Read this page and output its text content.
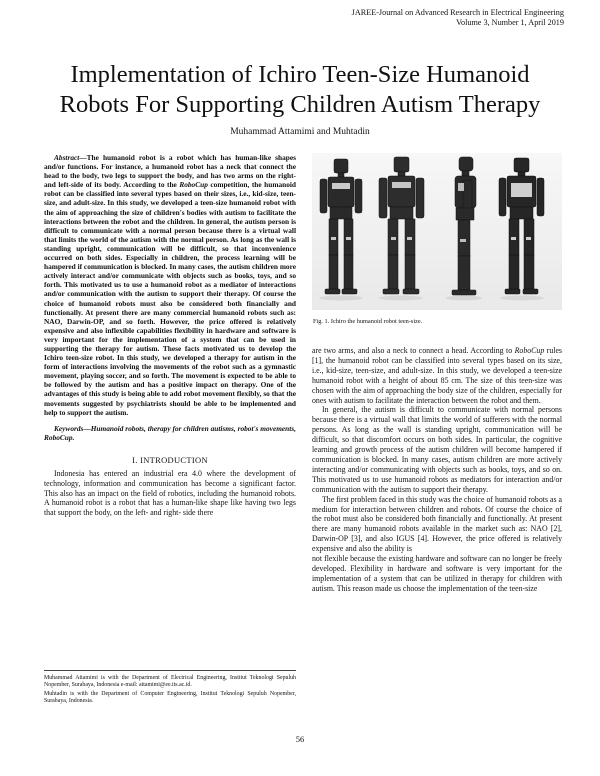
JAREE-Journal on Advanced Research in Electrical Engineering
Volume 3, Number 1, April 2019
Implementation of Ichiro Teen-Size Humanoid Robots For Supporting Children Autism Therapy
Muhammad Attamimi and Muhtadin

Abstract—The humanoid robot is a robot which has human-like shapes and/or functions. For instance, a humanoid robot has a neck that connect the head to the body, two legs to support the body, and has two arms on the right- and left-side of its body. According to the RoboCup competition, the humanoid robot can be classified into several types based on their sizes, i.e., kid-size, teen-size, and adult-size. In this study, we developed a teen-size humanoid robot with the aim of approaching the size of children's bodies with autism to facilitate the interactions between the robot and the children. In general, the autism person is difficult to communicate with a normal person because there is a virtual wall that limits the world of the autism with the normal person. As long as the wall is standing upright, communication will be difficult, so that inconvenience occurred on both sides. Especially in children, the process learning will be hampered if communication is blocked. In many cases, the autism children more actively interact and/or communicate with objects such as books, toys, and so forth. This motivated us to use a humanoid robot as a mediator of interactions and/or communication with the autism to support their therapy. Of course the choice of humanoid robots must also be considered both financially and functionally. At present there are many commercial humanoid robots such as: NAO, Darwin-OP, and so forth. However, the price offered is relatively expensive and also inflexible capabilities flexibility in hardware and software is very important for the implementation of a system that can be used in supporting the therapy for autism. These facts motivated us to develop the Ichiro teen-size robot. In this study, we developed a therapy for autism in the form of interactions involving the movements of the robot such as a gymnastic movement, playing soccer, and so forth. The movement is expected to be able to be followed by the autism and has a positive impact on therapy. One of the advantages of this study is being able to add robot movement flexibly, so that the movements suggested by psychiatrists should be able to be implemented and help to support the autism.

Keywords—Humanoid robots, therapy for children autisms, robot's movements, RoboCup.

I. INTRODUCTION

Indonesia has entered an industrial era 4.0 where the development of technology, information and communication has become a significant factor. This also has an impact on the field of robotics, including the humanoid robots. A humanoid robot is a robot that has a human-like shape like having two legs that support the body, on the left- and right- side there

Muhammad Attamimi is with the Department of Electrical Engineering, Institut Teknologi Sepuluh Nopember, Surabaya, Indonesia e-mail: attamimi@ee.its.ac.id.

Muhtadin is with the Department of Computer Engineering, Institut Teknologi Sepuluh Nopember, Surabaya, Indonesia.

Fig. 1. Ichiro the humanoid robot teen-size.

are two arms, and also a neck to connect a head. According to RoboCup rules [1], the humanoid robot can be classified into several types based on its size, i.e., kid-size, teen-size, and adult-size. In this study, we developed a teen-size humanoid robot with a height of about 85 cm. The size of this teen-size was chosen with the aim of approaching the body size of the children, especially for ones with autism to facilitate the interaction between the robot and them.

In general, the autism is difficult to communicate with normal persons because there is a virtual wall that limits the world of sufferers with the normal persons. As long as the wall is standing upright, communication will be difficult, so that discomfort occurs on both sides. In particular, the cognitive learning and growth process of the autism children will become hampered if communication is blocked. In many cases, autism children are more actively interacting and/or communicating with objects such as books, toys, and so on. This motivated us to use humanoid robots as mediators for interaction and/or communication with the autism to support their therapy.

The first problem faced in this study was the choice of humanoid robots as a medium for interaction between children and robots. Of course the choice of the robot must also be considered both financially and functionally. At present there are many humanoid robots available in the market such as: NAO [2], Darwin-OP [3], and also IGUS [4]. However, the price offered is relatively expensive and also the ability is

not flexible because the existing hardware and software can no longer be freely developed. Flexibility in hardware and software is very important for the implementation of a system that can be utilized in therapy for children with autism. This reason made us choose the implementation of the teen-size

56
